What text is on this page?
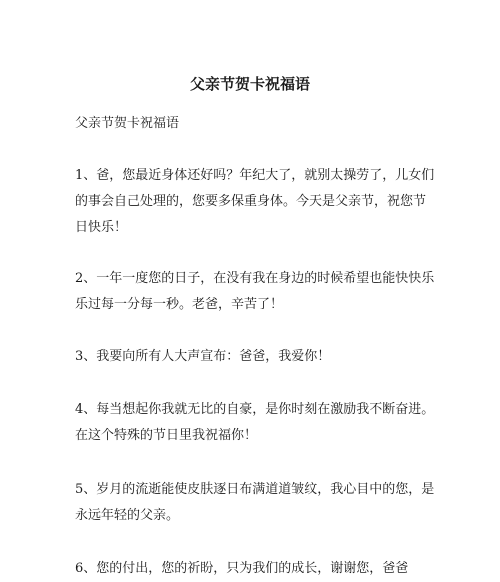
父亲节贺卡祝福语
父亲节贺卡祝福语
1、爸，您最近身体还好吗？年纪大了，就别太操劳了，儿女们的事会自己处理的，您要多保重身体。今天是父亲节，祝您节日快乐！
2、一年一度您的日子，在没有我在身边的时候希望也能快快乐乐过每一分每一秒。老爸，辛苦了！
3、我要向所有人大声宣布：爸爸，我爱你！
4、每当想起你我就无比的自豪，是你时刻在激励我不断奋进。在这个特殊的节日里我祝福你！
5、岁月的流逝能使皮肤逐日布满道道皱纹，我心目中的您，是永远年轻的父亲。
6、您的付出，您的祈盼，只为我们的成长，谢谢您，爸爸
